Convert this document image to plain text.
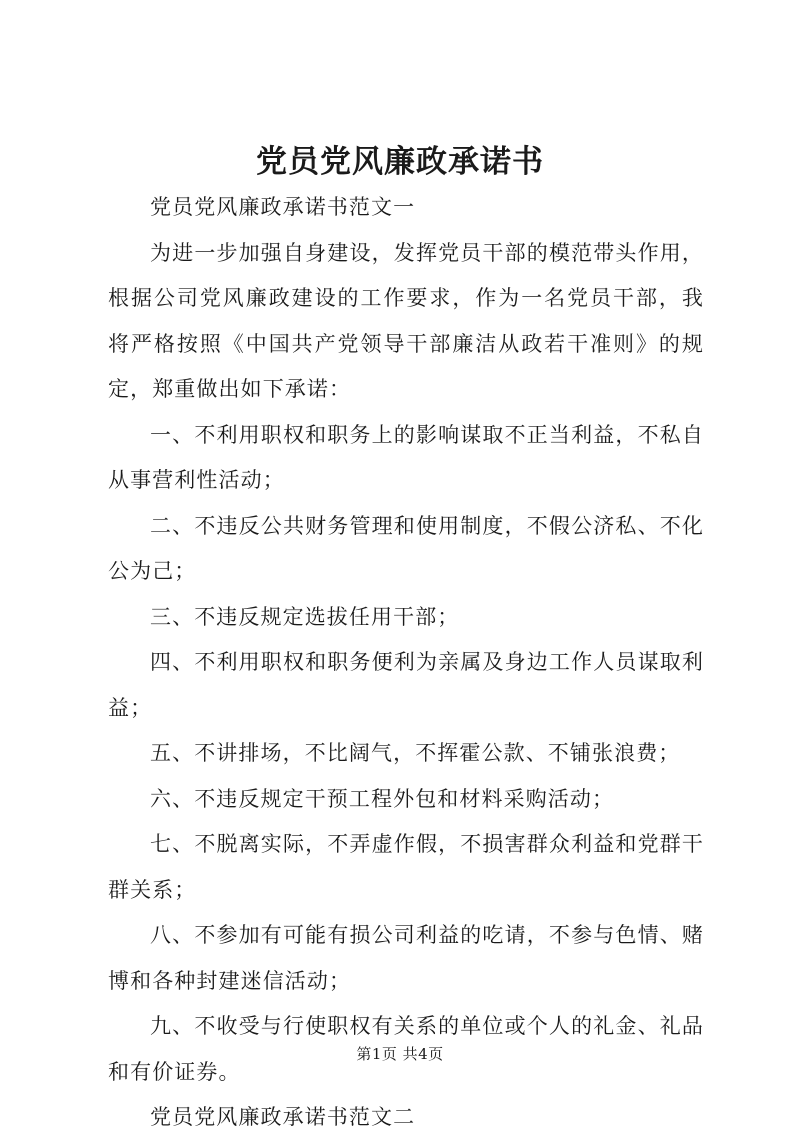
党员党风廉政承诺书

党员党风廉政承诺书范文一

为进一步加强自身建设，发挥党员干部的模范带头作用，根据公司党风廉政建设的工作要求，作为一名党员干部，我将严格按照《中国共产党领导干部廉洁从政若干准则》的规定，郑重做出如下承诺：

一、不利用职权和职务上的影响谋取不正当利益，不私自从事营利性活动；

二、不违反公共财务管理和使用制度，不假公济私、不化公为己；

三、不违反规定选拔任用干部；

四、不利用职权和职务便利为亲属及身边工作人员谋取利益；

五、不讲排场，不比阔气，不挥霍公款、不铺张浪费；

六、不违反规定干预工程外包和材料采购活动；

七、不脱离实际，不弄虚作假，不损害群众利益和党群干群关系；

八、不参加有可能有损公司利益的吃请，不参与色情、赌博和各种封建迷信活动；

九、不收受与行使职权有关系的单位或个人的礼金、礼品和有价证券。

党员党风廉政承诺书范文二

第1页 共4页
